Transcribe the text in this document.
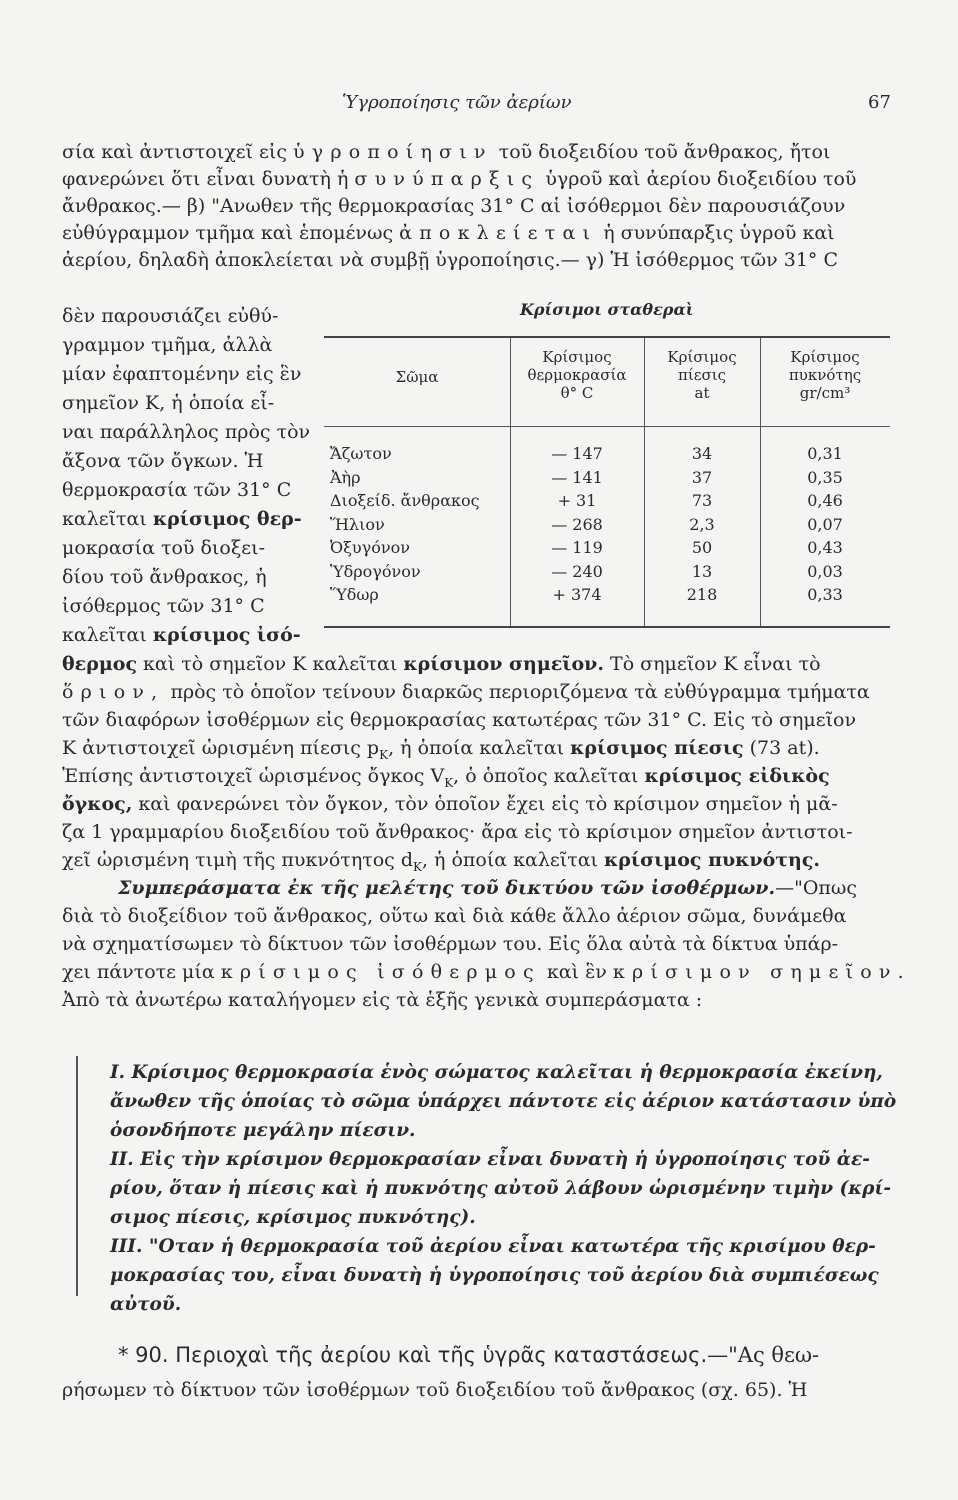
Ὑγροποίησις τῶν ἀερίων	67
σία καὶ ἀντιστοιχεῖ εἰς ὑγροποίησιν τοῦ διοξειδίου τοῦ ἄνθρακος, ἤτοι
φανερώνει ὅτι εἶναι δυνατὴ ἡ συνύπαρξις ὑγροῦ καὶ ἀερίου διοξειδίου τοῦ
ἄνθρακος.— β) "Ανωθεν τῆς θερμοκρασίας 31° C αἱ ἰσόθερμοι δὲν παρουσιάζουν
εὐθύγραμμον τμῆμα καὶ ἑπομένως ἀποκλείεται ἡ συνύπαρξις ὑγροῦ καὶ
ἀερίου, δηλαδὴ ἀποκλείεται νὰ συμβῇ ὑγροποίησις.— γ) Ἡ ἰσόθερμος τῶν 31° C
δὲν παρουσιάζει εὐθύ-
γραμμον τμῆμα, ἀλλὰ
μίαν ἐφαπτομένην εἰς ἓν
σημεῖον Κ, ἡ ὁποία εἶ-
ναι παράλληλος πρὸς τὸν
ἄξονα τῶν ὄγκων. Ἡ
θερμοκρασία τῶν 31° C
καλεῖται κρίσιμος θερ-
μοκρασία τοῦ διοξει-
δίου τοῦ ἄνθρακος, ἡ
ἰσόθερμος τῶν 31° C
καλεῖται κρίσιμος ἰσό-
Κρίσιμοι σταθεραὶ
Σῶμα
Κρίσιμος
θερμοκρασία
θ° C
Κρίσιμος
πίεσις
at
Κρίσιμος
πυκνότης
gr/cm³
Ἄζωτον
Ἀὴρ
Διοξείδ. ἄνθρακος
Ἥλιον
Ὀξυγόνον
Ὑδρογόνον
Ὕδωρ
— 147
— 141
+ 31
— 268
— 119
— 240
+ 374
34
37
73
2,3
50
13
218
0,31
0,35
0,46
0,07
0,43
0,03
0,33
θερμος καὶ τὸ σημεῖον Κ καλεῖται κρίσιμον σημεῖον. Τὸ σημεῖον Κ εἶναι τὸ
ὅριον, πρὸς τὸ ὁποῖον τείνουν διαρκῶς περιοριζόμενα τὰ εὐθύγραμμα τμήματα
τῶν διαφόρων ἰσοθέρμων εἰς θερμοκρασίας κατωτέρας τῶν 31° C. Εἰς τὸ σημεῖον
Κ ἀντιστοιχεῖ ὡρισμένη πίεσις $p_K$, ἡ ὁποία καλεῖται κρίσιμος πίεσις (73 at).
Ἐπίσης ἀντιστοιχεῖ ὡρισμένος ὄγκος $V_K$, ὁ ὁποῖος καλεῖται κρίσιμος εἰδικὸς
ὄγκος, καὶ φανερώνει τὸν ὄγκον, τὸν ὁποῖον ἔχει εἰς τὸ κρίσιμον σημεῖον ἡ μᾶ-
ζα 1 γραμμαρίου διοξειδίου τοῦ ἄνθρακος· ἄρα εἰς τὸ κρίσιμον σημεῖον ἀντιστοι-
χεῖ ὡρισμένη τιμὴ τῆς πυκνότητος $d_K$, ἡ ὁποία καλεῖται κρίσιμος πυκνότης.
Συμπεράσματα ἐκ τῆς μελέτης τοῦ δικτύου τῶν ἰσοθέρμων.—"Οπως
διὰ τὸ διοξείδιον τοῦ ἄνθρακος, οὕτω καὶ διὰ κάθε ἄλλο ἀέριον σῶμα, δυνάμεθα
νὰ σχηματίσωμεν τὸ δίκτυον τῶν ἰσοθέρμων του. Εἰς ὅλα αὐτὰ τὰ δίκτυα ὑπάρ-
χει πάντοτε μία κρίσιμος ἰσόθερμος καὶ ἓν κρίσιμον σημεῖον.
Ἀπὸ τὰ ἀνωτέρω καταλήγομεν εἰς τὰ ἑξῆς γενικὰ συμπεράσματα :
I. Κρίσιμος θερμοκρασία ἑνὸς σώματος καλεῖται ἡ θερμοκρασία ἐκείνη,
ἄνωθεν τῆς ὁποίας τὸ σῶμα ὑπάρχει πάντοτε εἰς ἀέριον κατάστασιν ὑπὸ
ὁσονδήποτε μεγάλην πίεσιν.
II. Εἰς τὴν κρίσιμον θερμοκρασίαν εἶναι δυνατὴ ἡ ὑγροποίησις τοῦ ἀε-
ρίου, ὅταν ἡ πίεσις καὶ ἡ πυκνότης αὐτοῦ λάβουν ὡρισμένην τιμὴν (κρί-
σιμος πίεσις, κρίσιμος πυκνότης).
III. "Οταν ἡ θερμοκρασία τοῦ ἀερίου εἶναι κατωτέρα τῆς κρισίμου θερ-
μοκρασίας του, εἶναι δυνατὴ ἡ ὑγροποίησις τοῦ ἀερίου διὰ συμπιέσεως
αὐτοῦ.
* 90. Περιοχαὶ τῆς ἀερίου καὶ τῆς ὑγρᾶς καταστάσεως.—"Ας θεω-
ρήσωμεν τὸ δίκτυον τῶν ἰσοθέρμων τοῦ διοξειδίου τοῦ ἄνθρακος (σχ. 65). Ἡ
